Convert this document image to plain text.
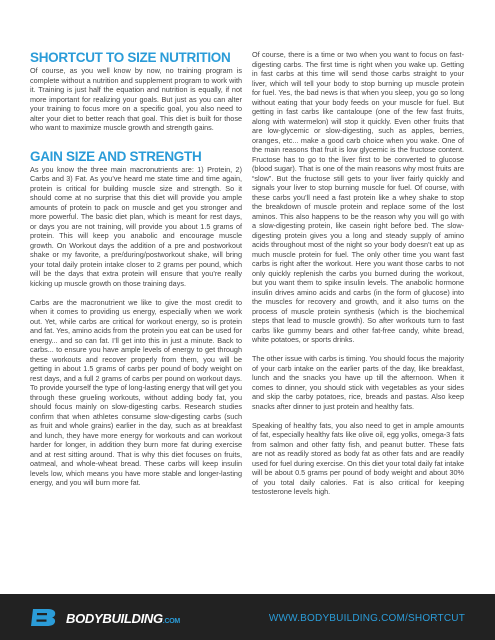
SHORTCUT TO SIZE NUTRITION

Of course, as you well know by now, no training program is complete without a nutrition and supplement program to work with it. Training is just half the equation and nutrition is equally, if not more important for realizing your goals. But just as you can alter your training to focus more on a specific goal, you also need to alter your diet to better reach that goal. This diet is built for those who want to maximize muscle growth and strength gains.

GAIN SIZE AND STRENGTH

As you know the three main macronutrients are: 1) Protein, 2) Carbs and 3) Fat. As you’ve heard me state time and time again, protein is critical for building muscle size and strength. So it should come at no surprise that this diet will provide you ample amounts of protein to pack on muscle and get you stronger and more powerful. The basic diet plan, which is meant for rest days, or days you are not training, will provide you about 1.5 grams of protein. This will keep you anabolic and encourage muscle growth. On Workout days the addition of a pre and postworkout shake or my favorite, a pre/during/postworkout shake, will bring your total daily protein intake closer to 2 grams per pound, which will be the days that extra protein will ensure that you’re really kicking up muscle growth on those training days.

Carbs are the macronutrient we like to give the most credit to when it comes to providing us energy, especially when we work out. Yet, while carbs are critical for workout energy, so is protein and fat. Yes, amino acids from the protein you eat can be used for energy... and so can fat. I’ll get into this in just a minute. Back to carbs... to ensure you have ample levels of energy to get through these workouts and recover properly from them, you will be getting in about 1.5 grams of carbs per pound of body weight on rest days, and a full 2 grams of carbs per pound on workout days. To provide yourself the type of long-lasting energy that will get you through these grueling workouts, without adding body fat, you should focus mainly on slow-digesting carbs. Research studies confirm that when athletes consume slow-digesting carbs (such as fruit and whole grains) earlier in the day, such as at breakfast and lunch, they have more energy for workouts and can workout harder for longer, in addition they burn more fat during exercise and at rest sitting around. That is why this diet focuses on fruits, oatmeal, and whole-wheat bread. These carbs will keep insulin levels low, which means you have more stable and longer-lasting energy, and you will burn more fat.

Of course, there is a time or two when you want to focus on fast-digesting carbs. The first time is right when you wake up. Getting in fast carbs at this time will send those carbs straight to your liver, which will tell your body to stop burning up muscle protein for fuel. Yes, the bad news is that when you sleep, you go so long without eating that your body feeds on your muscle for fuel. But getting in fast carbs like cantaloupe (one of the few fast fruits, along with watermelon) will stop it quickly. Even other fruits that are low-glycemic or slow-digesting, such as apples, berries, oranges, etc... make a good carb choice when you wake. One of the main reasons that fruit is low glycemic is the fructose content. Fructose has to go to the liver first to be converted to glucose (blood sugar). That is one of the main reasons why most fruits are “slow”. But the fructose still gets to your liver fairly quickly and signals your liver to stop burning muscle for fuel. Of course, with these carbs you’ll need a fast protein like a whey shake to stop the breakdown of muscle protein and replace some of the lost aminos. This also happens to be the reason why you will go with a slow-digesting protein, like casein right before bed. The slow-digesting protein gives you a long and steady supply of amino acids throughout most of the night so your body doesn’t eat up as much muscle protein for fuel. The only other time you want fast carbs is right after the workout. Here you want those carbs to not only quickly replenish the carbs you burned during the workout, but you want them to spike insulin levels. The anabolic hormone insulin drives amino acids and carbs (in the form of glucose) into the muscles for recovery and growth, and it also turns on the process of muscle protein synthesis (which is the biochemical steps that lead to muscle growth). So after workouts turn to fast carbs like gummy bears and other fat-free candy, white bread, white potatoes, or sports drinks.

The other issue with carbs is timing. You should focus the majority of your carb intake on the earlier parts of the day, like breakfast, lunch and the snacks you have up till the afternoon. When it comes to dinner, you should stick with vegetables as your sides and skip the carby potatoes, rice, breads and pastas. Also keep snacks after dinner to just protein and healthy fats.

Speaking of healthy fats, you also need to get in ample amounts of fat, especially healthy fats like olive oil, egg yolks, omega-3 fats from salmon and other fatty fish, and peanut butter. These fats are not as readily stored as body fat as other fats and are readily used for fuel during exercise. On this diet your total daily fat intake will be about 0.5 grams per pound of body weight and about 30% of you total daily calories. Fat is also critical for keeping testosterone levels high.

BODYBUILDING.COM	WWW.BODYBUILDING.COM/SHORTCUT
